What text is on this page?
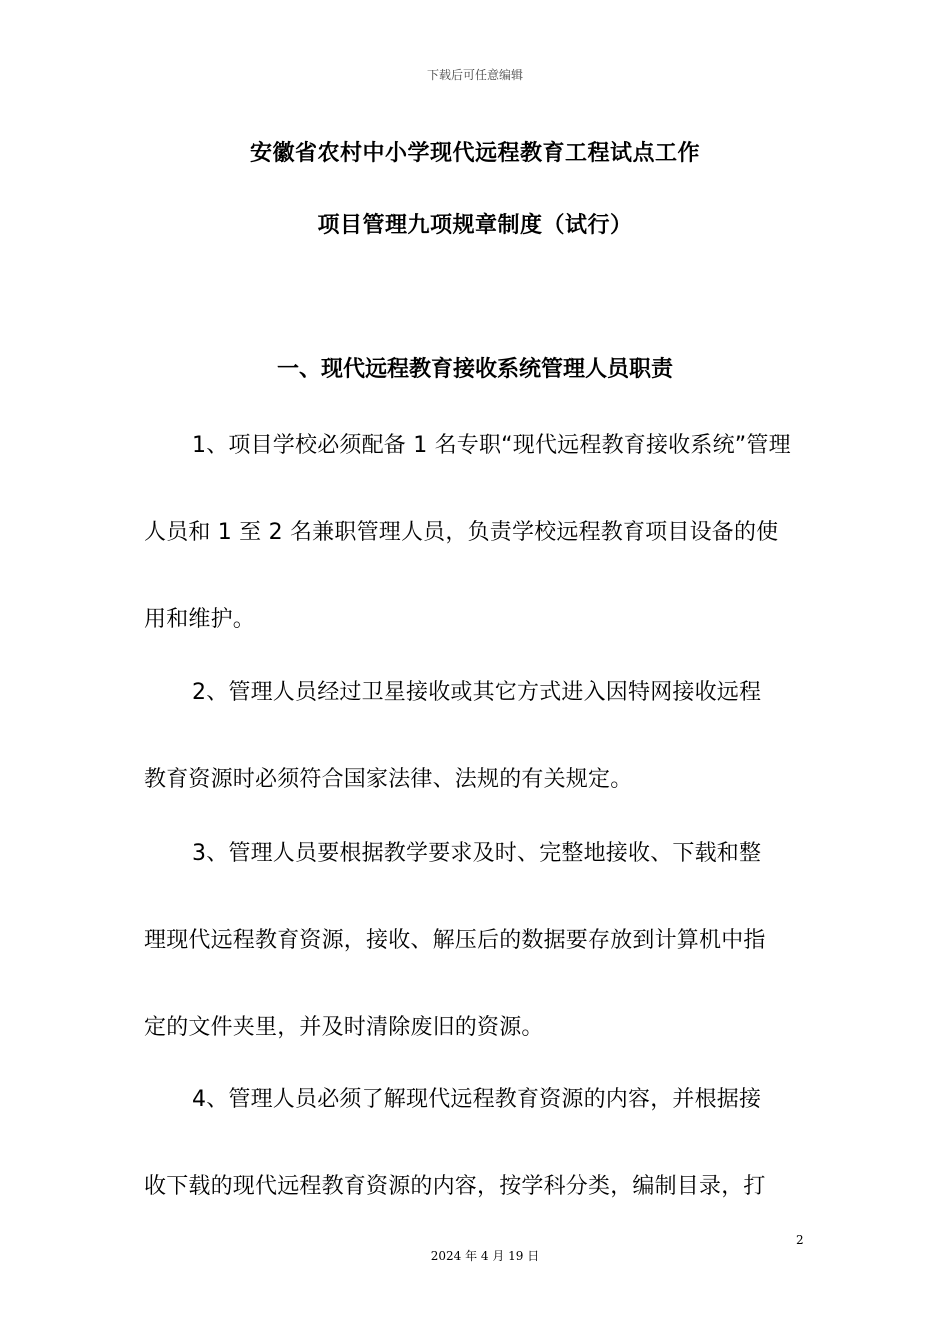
下载后可任意编辑
安徽省农村中小学现代远程教育工程试点工作
项目管理九项规章制度（试行）
一、现代远程教育接收系统管理人员职责
1、项目学校必须配备 1 名专职“现代远程教育接收系统”管理
人员和 1 至 2 名兼职管理人员，负责学校远程教育项目设备的使
用和维护。
2、管理人员经过卫星接收或其它方式进入因特网接收远程
教育资源时必须符合国家法律、法规的有关规定。
3、管理人员要根据教学要求及时、完整地接收、下载和整
理现代远程教育资源，接收、解压后的数据要存放到计算机中指
定的文件夹里，并及时清除废旧的资源。
4、管理人员必须了解现代远程教育资源的内容，并根据接
收下载的现代远程教育资源的内容，按学科分类，编制目录，打
2
2024 年 4 月 19 日
